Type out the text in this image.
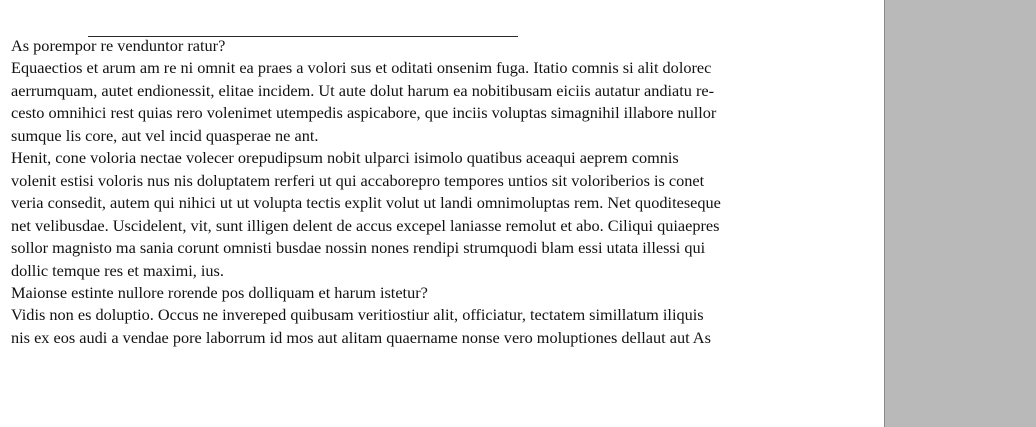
As porempor re venduntor ratur?
Equaectios et arum am re ni omnit ea praes a volori sus et oditati onsenim fuga. Itatio comnis si alit dolorec
aerrumquam, autet endionessit, elitae incidem. Ut aute dolut harum ea nobitibusam eiciis autatur andiatu re-
cesto omnihici rest quias rero volenimet utempedis aspicabore, que inciis voluptas simagnihil illabore nullor
sumque lis core, aut vel incid quasperae ne ant.
Henit, cone voloria nectae volecer orepudipsum nobit ulparci isimolo quatibus aceaqui aeprem comnis
volenit estisi voloris nus nis doluptatem rerferi ut qui accaborepro tempores untios sit voloriberios is conet
veria consedit, autem qui nihici ut ut volupta tectis explit volut ut landi omnimoluptas rem. Net quoditeseque
net velibusdae. Uscidelent, vit, sunt illigen delent de accus excepel laniasse remolut et abo. Ciliqui quiaepres
sollor magnisto ma sania corunt omnisti busdae nossin nones rendipi strumquodi blam essi utata illessi qui
dollic temque res et maximi, ius.
Maionse estinte nullore rorende pos dolliquam et harum istetur?
Vidis non es doluptio. Occus ne invereped quibusam veritiostiur alit, officiatur, tectatem simillatum iliquis
nis ex eos audi a vendae pore laborrum id mos aut alitam quaername nonse vero moluptiones dellaut aut As
